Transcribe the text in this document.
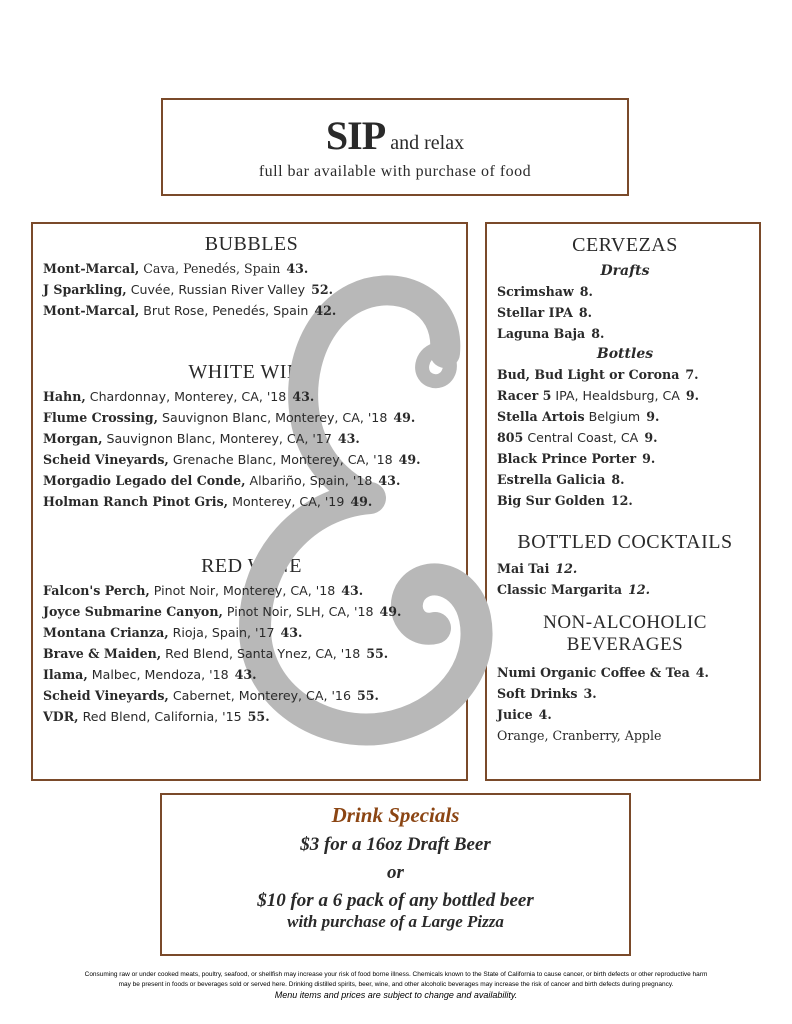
SIP and relax
full bar available with purchase of food
BUBBLES
Mont-Marcal, Cava, Penedés, Spain 43.
J Sparkling, Cuvée, Russian River Valley 52.
Mont-Marcal, Brut Rose, Penedés, Spain 42.
WHITE WINE
Hahn, Chardonnay, Monterey, CA, '18 43.
Flume Crossing, Sauvignon Blanc, Monterey, CA, '18 49.
Morgan, Sauvignon Blanc, Monterey, CA, '17 43.
Scheid Vineyards, Grenache Blanc, Monterey, CA, '18 49.
Morgadio Legado del Conde, Albariño, Spain, '18 43.
Holman Ranch Pinot Gris, Monterey, CA, '19 49.
RED WINE
Falcon's Perch, Pinot Noir, Monterey, CA, '18 43.
Joyce Submarine Canyon, Pinot Noir, SLH, CA, '18 49.
Montana Crianza, Rioja, Spain, '17 43.
Brave & Maiden, Red Blend, Santa Ynez, CA, '18 55.
Ilama, Malbec, Mendoza, '18 43.
Scheid Vineyards, Cabernet, Monterey, CA, '16 55.
VDR, Red Blend, California, '15 55.
CERVEZAS
Drafts
Scrimshaw 8.
Stellar IPA 8.
Laguna Baja 8.
Bottles
Bud, Bud Light or Corona 7.
Racer 5 IPA, Healdsburg, CA 9.
Stella Artois Belgium 9.
805 Central Coast, CA 9.
Black Prince Porter 9.
Estrella Galicia 8.
Big Sur Golden 12.
BOTTLED COCKTAILS
Mai Tai 12.
Classic Margarita 12.
NON-ALCOHOLIC BEVERAGES
Numi Organic Coffee & Tea 4.
Soft Drinks 3.
Juice 4.
Orange, Cranberry, Apple
Drink Specials
$3 for a 16oz Draft Beer
or
$10 for a 6 pack of any bottled beer
with purchase of a Large Pizza
Consuming raw or under cooked meats, poultry, seafood, or shellfish may increase your risk of food borne illness. Chemicals known to the State of California to cause cancer, or birth defects or other reproductive harm
may be present in foods or beverages sold or served here. Drinking distilled spirits, beer, wine, and other alcoholic beverages may increase the risk of cancer and birth defects during pregnancy.
Menu items and prices are subject to change and availability.
